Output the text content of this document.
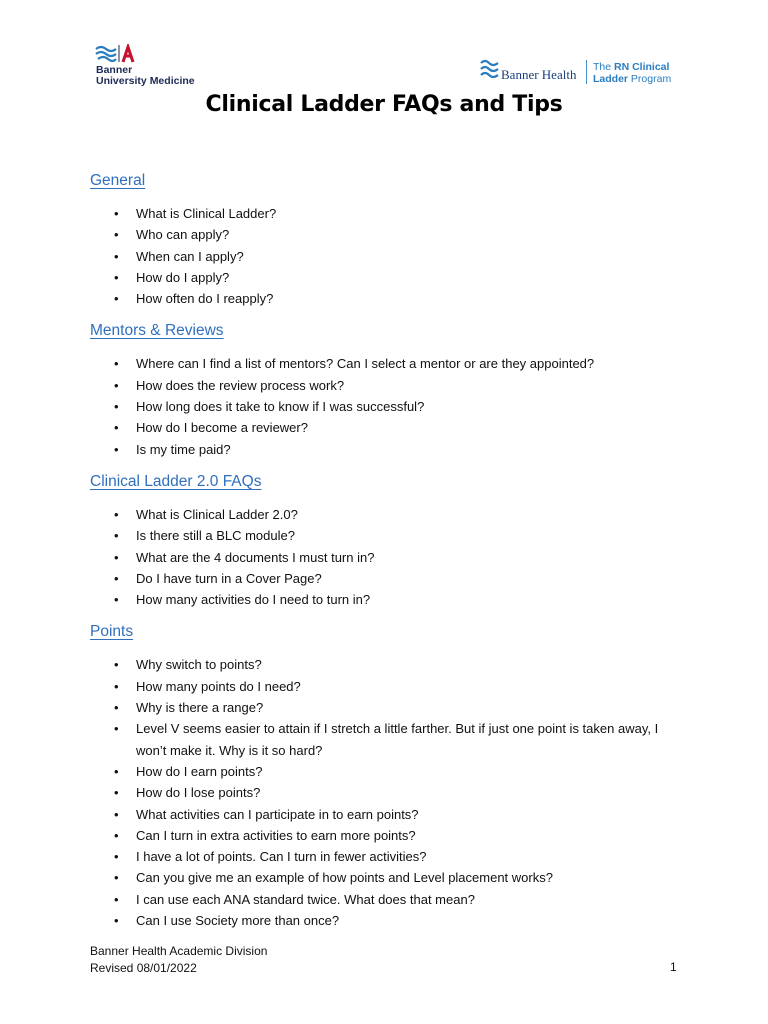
Banner
University Medicine	Banner Health The RN Clinical
Ladder Program
Clinical Ladder FAQs and Tips
General
• What is Clinical Ladder?
• Who can apply?
• When can I apply?
• How do I apply?
• How often do I reapply?
Mentors & Reviews
• Where can I find a list of mentors? Can I select a mentor or are they appointed?
• How does the review process work?
• How long does it take to know if I was successful?
• How do I become a reviewer?
• Is my time paid?
Clinical Ladder 2.0 FAQs
• What is Clinical Ladder 2.0?
• Is there still a BLC module?
• What are the 4 documents I must turn in?
• Do I have turn in a Cover Page?
• How many activities do I need to turn in?
Points
• Why switch to points?
• How many points do I need?
• Why is there a range?
• Level V seems easier to attain if I stretch a little farther. But if just one point is taken away, I won’t make it. Why is it so hard?
• How do I earn points?
• How do I lose points?
• What activities can I participate in to earn points?
• Can I turn in extra activities to earn more points?
• I have a lot of points. Can I turn in fewer activities?
• Can you give me an example of how points and Level placement works?
• I can use each ANA standard twice. What does that mean?
• Can I use Society more than once?
Banner Health Academic Division
Revised 08/01/2022	1
